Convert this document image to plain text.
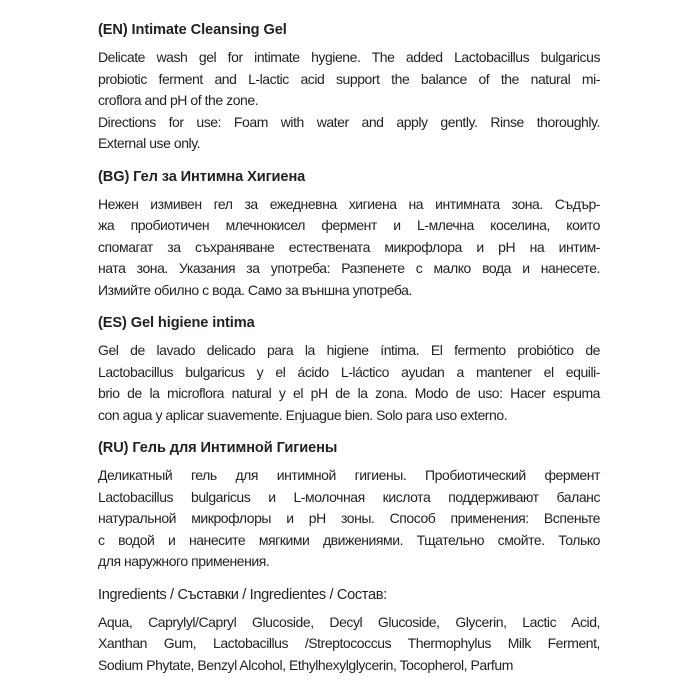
(EN) Intimate Cleansing Gel
Delicate wash gel for intimate hygiene. The added Lactobacillus bulgaricus
probiotic ferment and L-lactic acid support the balance of the natural mi-
croflora and pH of the zone.
Directions for use: Foam with water and apply gently. Rinse thoroughly.
External use only.
(BG) Гел за Интимна Хигиена
Нежен измивен гел за ежедневна хигиена на интимната зона. Съдър-
жа пробиотичен млечнокисел фермент и L-млечна коселина, които
спомагат за съхраняване естествената микрофлора и pH на интим-
ната зона. Указания за употреба: Разпенете с малко вода и нанесете.
Измийте обилно с вода. Само за външна употреба.
(ES) Gel higiene intima
Gel de lavado delicado para la higiene íntima. El fermento probiótico de
Lactobacillus bulgaricus y el ácido L-láctico ayudan a mantener el equili-
brio de la microflora natural y el pH de la zona. Modo de uso: Hacer espuma
con agua y aplicar suavemente. Enjuague bien. Solo para uso externo.
(RU) Гель для Интимной Гигиены
Деликатный гель для интимной гигиены. Пробиотический фермент
Lactobacillus bulgaricus и L-молочная кислота поддерживают баланс
натуральной микрофлоры и pH зоны. Способ применения: Вспеньте
с водой и нанесите мягкими движениями. Тщательно смойте. Только
для наружного применения.
Ingredients / Съставки / Ingredientes / Состав:
Aqua, Caprylyl/Capryl Glucoside, Decyl Glucoside, Glycerin, Lactic Acid,
Xanthan Gum, Lactobacillus /Streptococcus Thermophylus Milk Ferment,
Sodium Phytate, Benzyl Alcohol, Ethylhexylglycerin, Tocopherol, Parfum
